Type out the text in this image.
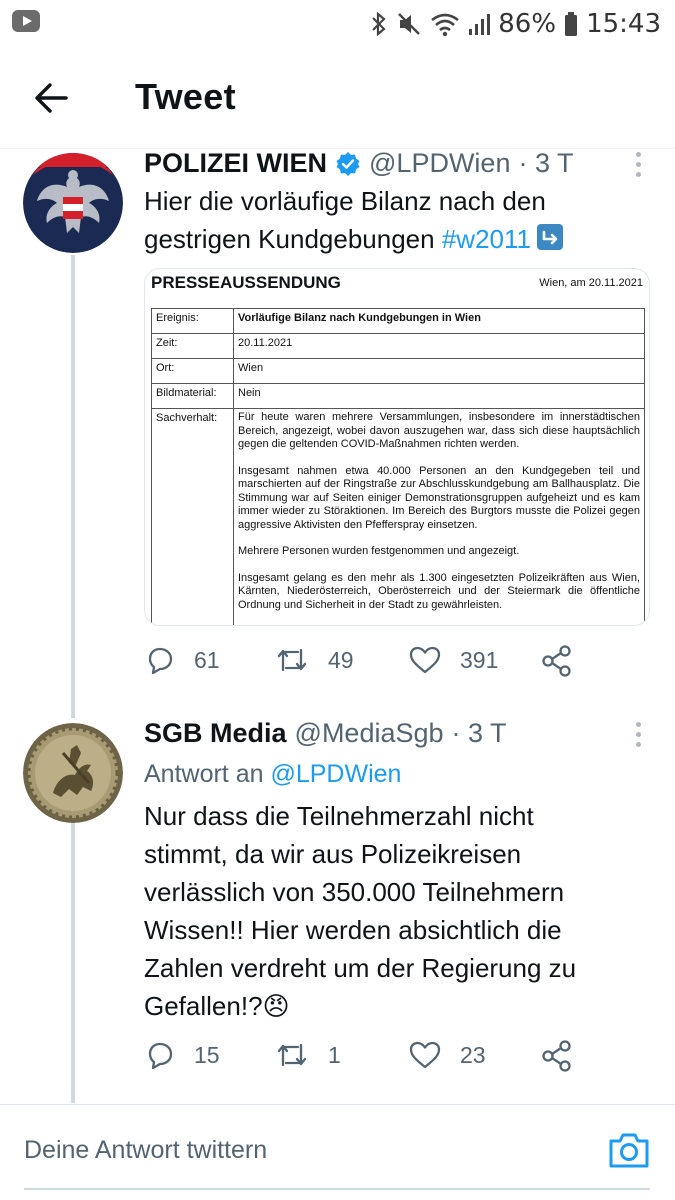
86% 15:43
Tweet
POLIZEI WIEN @LPDWien · 3 T
Hier die vorläufige Bilanz nach den
gestrigen Kundgebungen #w2011
PRESSEAUSSENDUNG	Wien, am 20.11.2021
Ereignis:	Vorläufige Bilanz nach Kundgebungen in Wien
Zeit:	20.11.2021
Ort:	Wien
Bildmaterial:	Nein
Sachverhalt:	Für heute waren mehrere Versammlungen, insbesondere im innerstädtischen Bereich, angezeigt, wobei davon auszugehen war, dass sich diese hauptsächlich gegen die geltenden COVID-Maßnahmen richten werden.
Insgesamt nahmen etwa 40.000 Personen an den Kundgegeben teil und marschierten auf der Ringstraße zur Abschlusskundgebung am Ballhausplatz. Die Stimmung war auf Seiten einiger Demonstrationsgruppen aufgeheizt und es kam immer wieder zu Störaktionen. Im Bereich des Burgtors musste die Polizei gegen aggressive Aktivisten den Pfefferspray einsetzen.
Mehrere Personen wurden festgenommen und angezeigt.
Insgesamt gelang es den mehr als 1.300 eingesetzten Polizeikräften aus Wien, Kärnten, Niederösterreich, Oberösterreich und der Steiermark die öffentliche Ordnung und Sicherheit in der Stadt zu gewährleisten.
61	49	391
SGB Media @MediaSgb · 3 T
Antwort an @LPDWien
Nur dass die Teilnehmerzahl nicht stimmt, da wir aus Polizeikreisen verlässlich von 350.000 Teilnehmern Wissen!! Hier werden absichtlich die Zahlen verdreht um der Regierung zu Gefallen!?😠
15	1	23
Deine Antwort twittern
